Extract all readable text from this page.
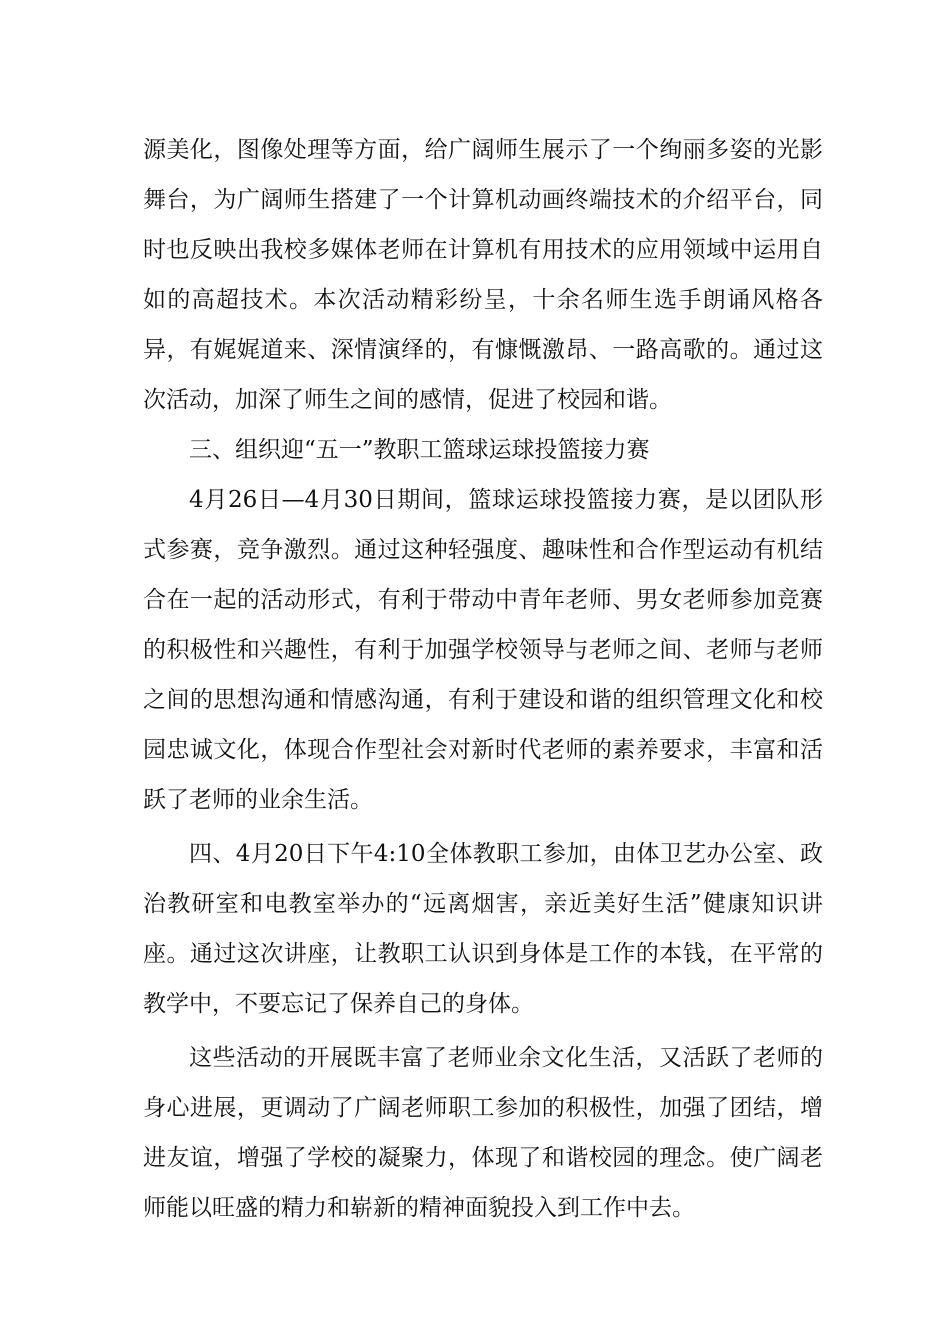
源美化，图像处理等方面，给广阔师生展示了一个绚丽多姿的光影舞台，为广阔师生搭建了一个计算机动画终端技术的介绍平台，同时也反映出我校多媒体老师在计算机有用技术的应用领域中运用自如的高超技术。本次活动精彩纷呈，十余名师生选手朗诵风格各异，有娓娓道来、深情演绎的，有慷慨激昂、一路高歌的。通过这次活动，加深了师生之间的感情，促进了校园和谐。

三、组织迎“五一”教职工篮球运球投篮接力赛

4月26日—4月30日期间，篮球运球投篮接力赛，是以团队形式参赛，竞争激烈。通过这种轻强度、趣味性和合作型运动有机结合在一起的活动形式，有利于带动中青年老师、男女老师参加竞赛的积极性和兴趣性，有利于加强学校领导与老师之间、老师与老师之间的思想沟通和情感沟通，有利于建设和谐的组织管理文化和校园忠诚文化，体现合作型社会对新时代老师的素养要求，丰富和活跃了老师的业余生活。

四、4月20日下午4:10全体教职工参加，由体卫艺办公室、政治教研室和电教室举办的“远离烟害，亲近美好生活”健康知识讲座。通过这次讲座，让教职工认识到身体是工作的本钱，在平常的教学中，不要忘记了保养自己的身体。

这些活动的开展既丰富了老师业余文化生活，又活跃了老师的身心进展，更调动了广阔老师职工参加的积极性，加强了团结，增进友谊，增强了学校的凝聚力，体现了和谐校园的理念。使广阔老师能以旺盛的精力和崭新的精神面貌投入到工作中去。
